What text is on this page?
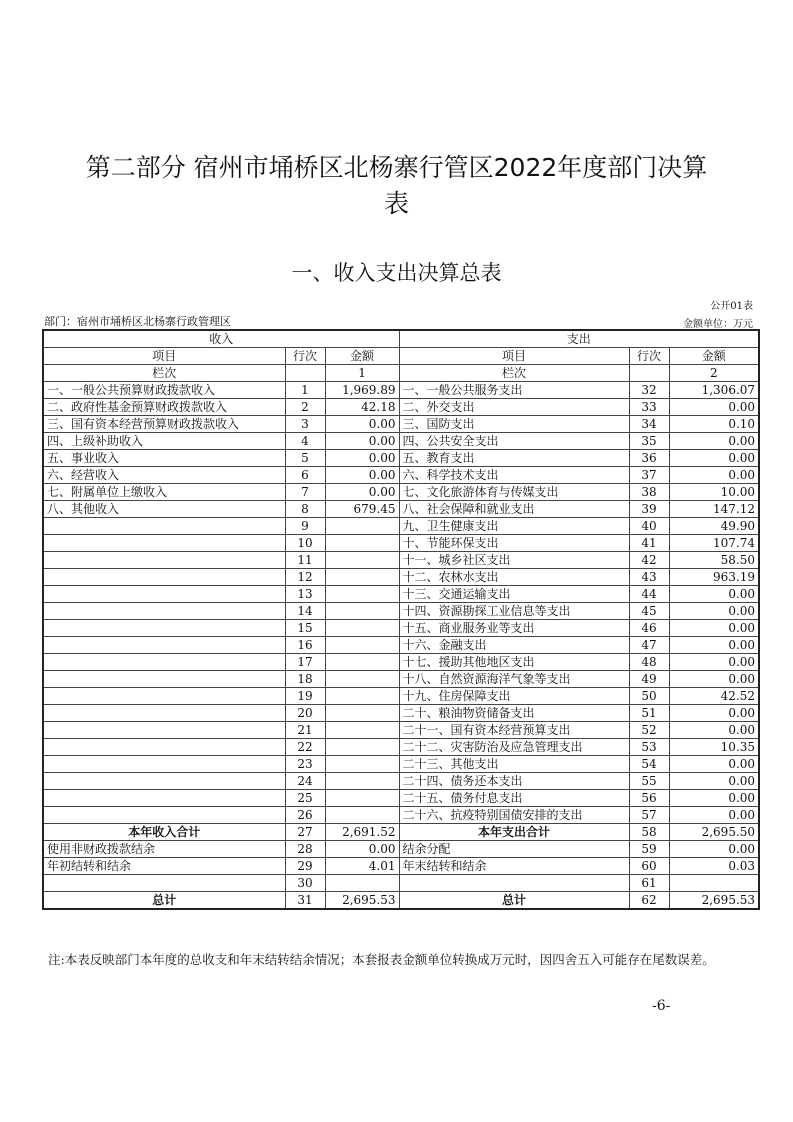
第二部分 宿州市埇桥区北杨寨行管区2022年度部门决算
表
一、收入支出决算总表
公开01表
部门：宿州市埇桥区北杨寨行政管理区	金额单位：万元
收入			支出		
项目	行次	金额	项目	行次	金额
栏次		1	栏次		2
一、一般公共预算财政拨款收入	1	1,969.89	一、一般公共服务支出	32	1,306.07
二、政府性基金预算财政拨款收入	2	42.18	二、外交支出	33	0.00
三、国有资本经营预算财政拨款收入	3	0.00	三、国防支出	34	0.10
四、上级补助收入	4	0.00	四、公共安全支出	35	0.00
五、事业收入	5	0.00	五、教育支出	36	0.00
六、经营收入	6	0.00	六、科学技术支出	37	0.00
七、附属单位上缴收入	7	0.00	七、文化旅游体育与传媒支出	38	10.00
八、其他收入	8	679.45	八、社会保障和就业支出	39	147.12
	9		九、卫生健康支出	40	49.90
	10		十、节能环保支出	41	107.74
	11		十一、城乡社区支出	42	58.50
	12		十二、农林水支出	43	963.19
	13		十三、交通运输支出	44	0.00
	14		十四、资源勘探工业信息等支出	45	0.00
	15		十五、商业服务业等支出	46	0.00
	16		十六、金融支出	47	0.00
	17		十七、援助其他地区支出	48	0.00
	18		十八、自然资源海洋气象等支出	49	0.00
	19		十九、住房保障支出	50	42.52
	20		二十、粮油物资储备支出	51	0.00
	21		二十一、国有资本经营预算支出	52	0.00
	22		二十二、灾害防治及应急管理支出	53	10.35
	23		二十三、其他支出	54	0.00
	24		二十四、债务还本支出	55	0.00
	25		二十五、债务付息支出	56	0.00
	26		二十六、抗疫特别国债安排的支出	57	0.00
本年收入合计	27	2,691.52	本年支出合计	58	2,695.50
使用非财政拨款结余	28	0.00	结余分配	59	0.00
年初结转和结余	29	4.01	年末结转和结余	60	0.03
	30			61	
总计	31	2,695.53	总计	62	2,695.53
注:本表反映部门本年度的总收支和年末结转结余情况；本套报表金额单位转换成万元时，因四舍五入可能存在尾数误差。
-6-
